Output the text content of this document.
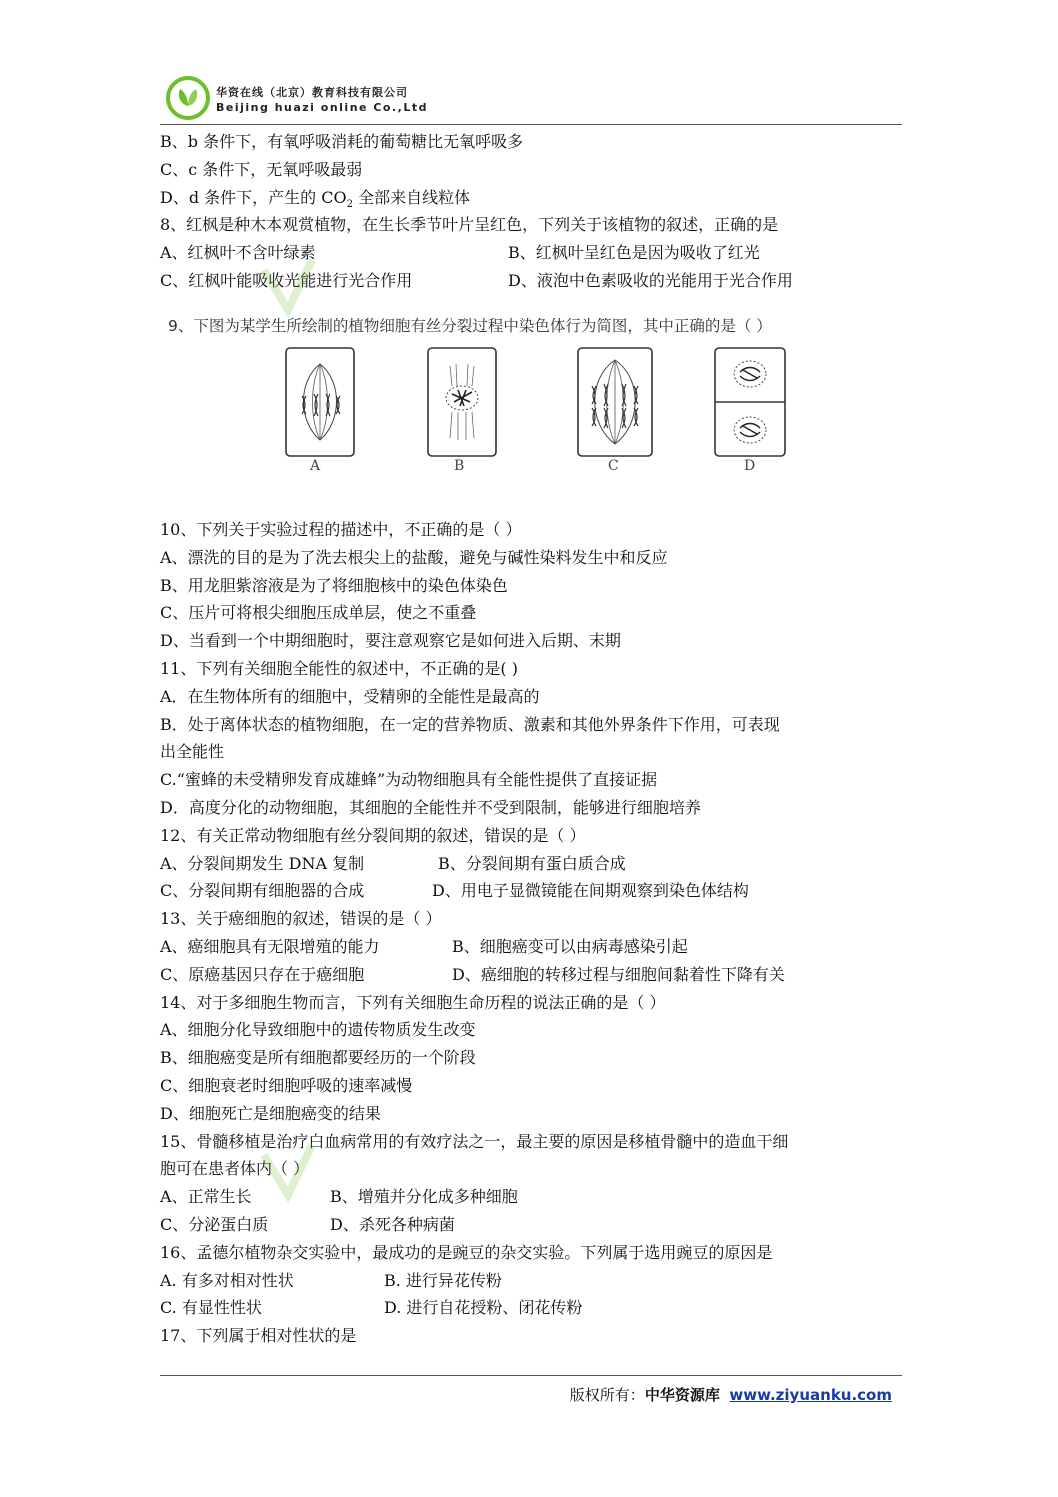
华资在线（北京）教育科技有限公司
Beijing huazi online Co.,Ltd
B、b 条件下，有氧呼吸消耗的葡萄糖比无氧呼吸多
C、c 条件下，无氧呼吸最弱
D、d 条件下，产生的 $CO_2$ 全部来自线粒体
8、红枫是种木本观赏植物，在生长季节叶片呈红色，下列关于该植物的叙述，正确的是
A、红枫叶不含叶绿素	B、红枫叶呈红色是因为吸收了红光
C、红枫叶能吸收光能进行光合作用	D、液泡中色素吸收的光能用于光合作用
9、下图为某学生所绘制的植物细胞有丝分裂过程中染色体行为简图，其中正确的是（ ）
A	B	C	D
10、下列关于实验过程的描述中，不正确的是（ ）
A、漂洗的目的是为了洗去根尖上的盐酸，避免与碱性染料发生中和反应
B、用龙胆紫溶液是为了将细胞核中的染色体染色
C、压片可将根尖细胞压成单层，使之不重叠
D、当看到一个中期细胞时，要注意观察它是如何进入后期、末期
11、下列有关细胞全能性的叙述中，不正确的是( )
A．在生物体所有的细胞中，受精卵的全能性是最高的
B．处于离体状态的植物细胞，在一定的营养物质、激素和其他外界条件下作用，可表现
出全能性
C.“蜜蜂的未受精卵发育成雄蜂”为动物细胞具有全能性提供了直接证据
D．高度分化的动物细胞，其细胞的全能性并不受到限制，能够进行细胞培养
12、有关正常动物细胞有丝分裂间期的叙述，错误的是（ ）
A、分裂间期发生 DNA 复制	B、分裂间期有蛋白质合成
C、分裂间期有细胞器的合成	D、用电子显微镜能在间期观察到染色体结构
13、关于癌细胞的叙述，错误的是（ ）
A、癌细胞具有无限增殖的能力	B、细胞癌变可以由病毒感染引起
C、原癌基因只存在于癌细胞	D、癌细胞的转移过程与细胞间黏着性下降有关
14、对于多细胞生物而言，下列有关细胞生命历程的说法正确的是（ ）
A、细胞分化导致细胞中的遗传物质发生改变
B、细胞癌变是所有细胞都要经历的一个阶段
C、细胞衰老时细胞呼吸的速率减慢
D、细胞死亡是细胞癌变的结果
15、骨髓移植是治疗白血病常用的有效疗法之一，最主要的原因是移植骨髓中的造血干细
胞可在患者体内（ ）
A、正常生长	B、增殖并分化成多种细胞
C、分泌蛋白质	D、杀死各种病菌
16、孟德尔植物杂交实验中，最成功的是豌豆的杂交实验。下列属于选用豌豆的原因是
A. 有多对相对性状	B. 进行异花传粉
C. 有显性性状	D. 进行自花授粉、闭花传粉
17、下列属于相对性状的是
版权所有：中华资源库 www.ziyuanku.com
